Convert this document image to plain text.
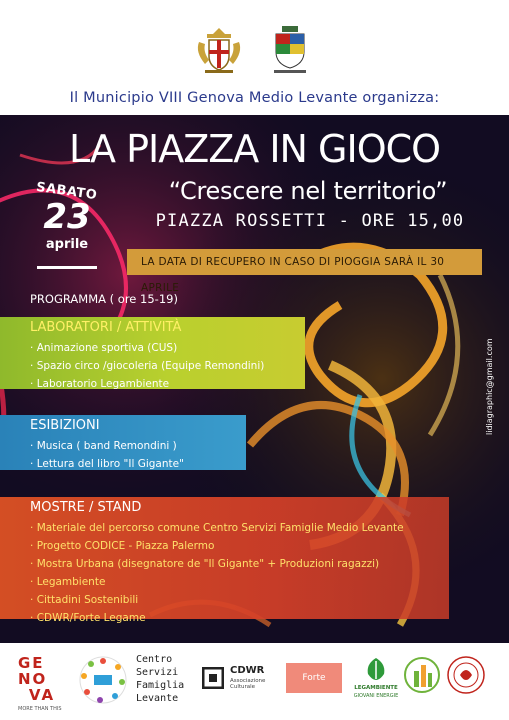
Il Municipio VIII Genova Medio Levante organizza:
LA PIAZZA IN GIOCO
SABATO
23
aprile
“Crescere nel territorio”
PIAZZA ROSSETTI - ORE 15,00
LA DATA DI RECUPERO IN CASO DI PIOGGIA SARÀ IL 30 APRILE
PROGRAMMA ( ore 15-19)
lidiagraphic@gmail.com
LABORATORI / ATTIVITÀ
· Animazione sportiva (CUS)
· Spazio circo /giocoleria (Equipe Remondini)
· Laboratorio Legambiente
ESIBIZIONI
· Musica ( band Remondini )
· Lettura del libro "Il Gigante"
MOSTRE / STAND
· Materiale del percorso comune Centro Servizi Famiglie Medio Levante
· Progetto CODICE - Piazza Palermo
· Mostra Urbana (disegnatore de "Il Gigante" + Produzioni ragazzi)
· Legambiente
· Cittadini Sostenibili
· CDWR/Forte Legame
GE NO
VA
MORE THAN THIS
Centro
Servizi
Famiglia
Levante
CDWR
Associazione Culturale
Forte Legame
LEGAMBIENTE
GIOVANI ENERGIE
